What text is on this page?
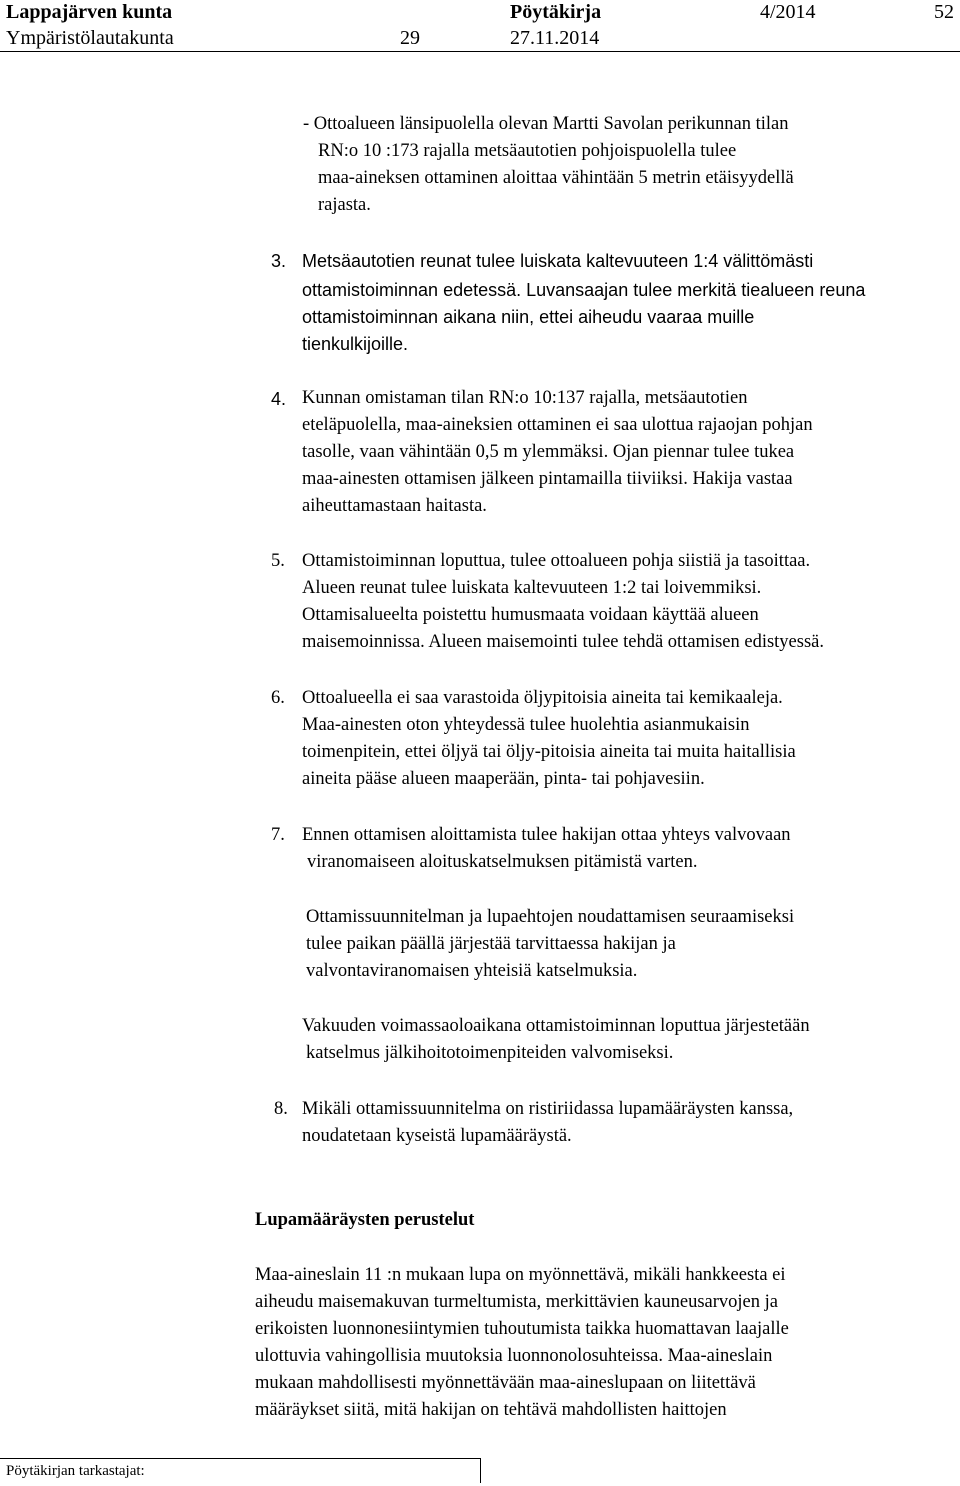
Lappajärven kunta	Pöytäkirja	4/2014	52
Ympäristölautakunta	29	27.11.2014
- Ottoalueen länsipuolella olevan Martti Savolan perikunnan tilan
RN:o 10 :173 rajalla metsäautotien pohjoispuolella tulee
maa-aineksen ottaminen aloittaa vähintään 5 metrin etäisyydellä
rajasta.
3. Metsäautotien reunat tulee luiskata kaltevuuteen 1:4 välittömästi
ottamistoiminnan edetessä. Luvansaajan tulee merkitä tiealueen reuna
ottamistoiminnan aikana niin, ettei aiheudu vaaraa muille
tienkulkijoille.
4. Kunnan omistaman tilan RN:o 10:137 rajalla, metsäautotien
eteläpuolella, maa-aineksien ottaminen ei saa ulottua rajaojan pohjan
tasolle, vaan vähintään 0,5 m ylemmäksi. Ojan piennar tulee tukea
maa-ainesten ottamisen jälkeen pintamailla tiiviiksi. Hakija vastaa
aiheuttamastaan haitasta.
5. Ottamistoiminnan loputtua, tulee ottoalueen pohja siistiä ja tasoittaa.
Alueen reunat tulee luiskata kaltevuuteen 1:2 tai loivemmiksi.
Ottamisalueelta poistettu humusmaata voidaan käyttää alueen
maisemoinnissa. Alueen maisemointi tulee tehdä ottamisen edistyessä.
6. Ottoalueella ei saa varastoida öljypitoisia aineita tai kemikaaleja.
Maa-ainesten oton yhteydessä tulee huolehtia asianmukaisin
toimenpitein, ettei öljyä tai öljy-pitoisia aineita tai muita haitallisia
aineita pääse alueen maaperään, pinta- tai pohjavesiin.
7. Ennen ottamisen aloittamista tulee hakijan ottaa yhteys valvovaan
viranomaiseen aloituskatselmuksen pitämistä varten.
Ottamissuunnitelman ja lupaehtojen noudattamisen seuraamiseksi
tulee paikan päällä järjestää tarvittaessa hakijan ja
valvontaviranomaisen yhteisiä katselmuksia.
Vakuuden voimassaoloaikana ottamistoiminnan loputtua järjestetään
katselmus jälkihoitotoimenpiteiden valvomiseksi.
8. Mikäli ottamissuunnitelma on ristiriidassa lupamääräysten kanssa,
noudatetaan kyseistä lupamääräystä.
Lupamääräysten perustelut
Maa-aineslain 11 :n mukaan lupa on myönnettävä, mikäli hankkeesta ei
aiheudu maisemakuvan turmeltumista, merkittävien kauneusarvojen ja
erikoisten luonnonesiintymien tuhoutumista taikka huomattavan laajalle
ulottuvia vahingollisia muutoksia luonnonolosuhteissa. Maa-aineslain
mukaan mahdollisesti myönnettävään maa-aineslupaan on liitettävä
määräykset siitä, mitä hakijan on tehtävä mahdollisten haittojen
Pöytäkirjan tarkastajat:
